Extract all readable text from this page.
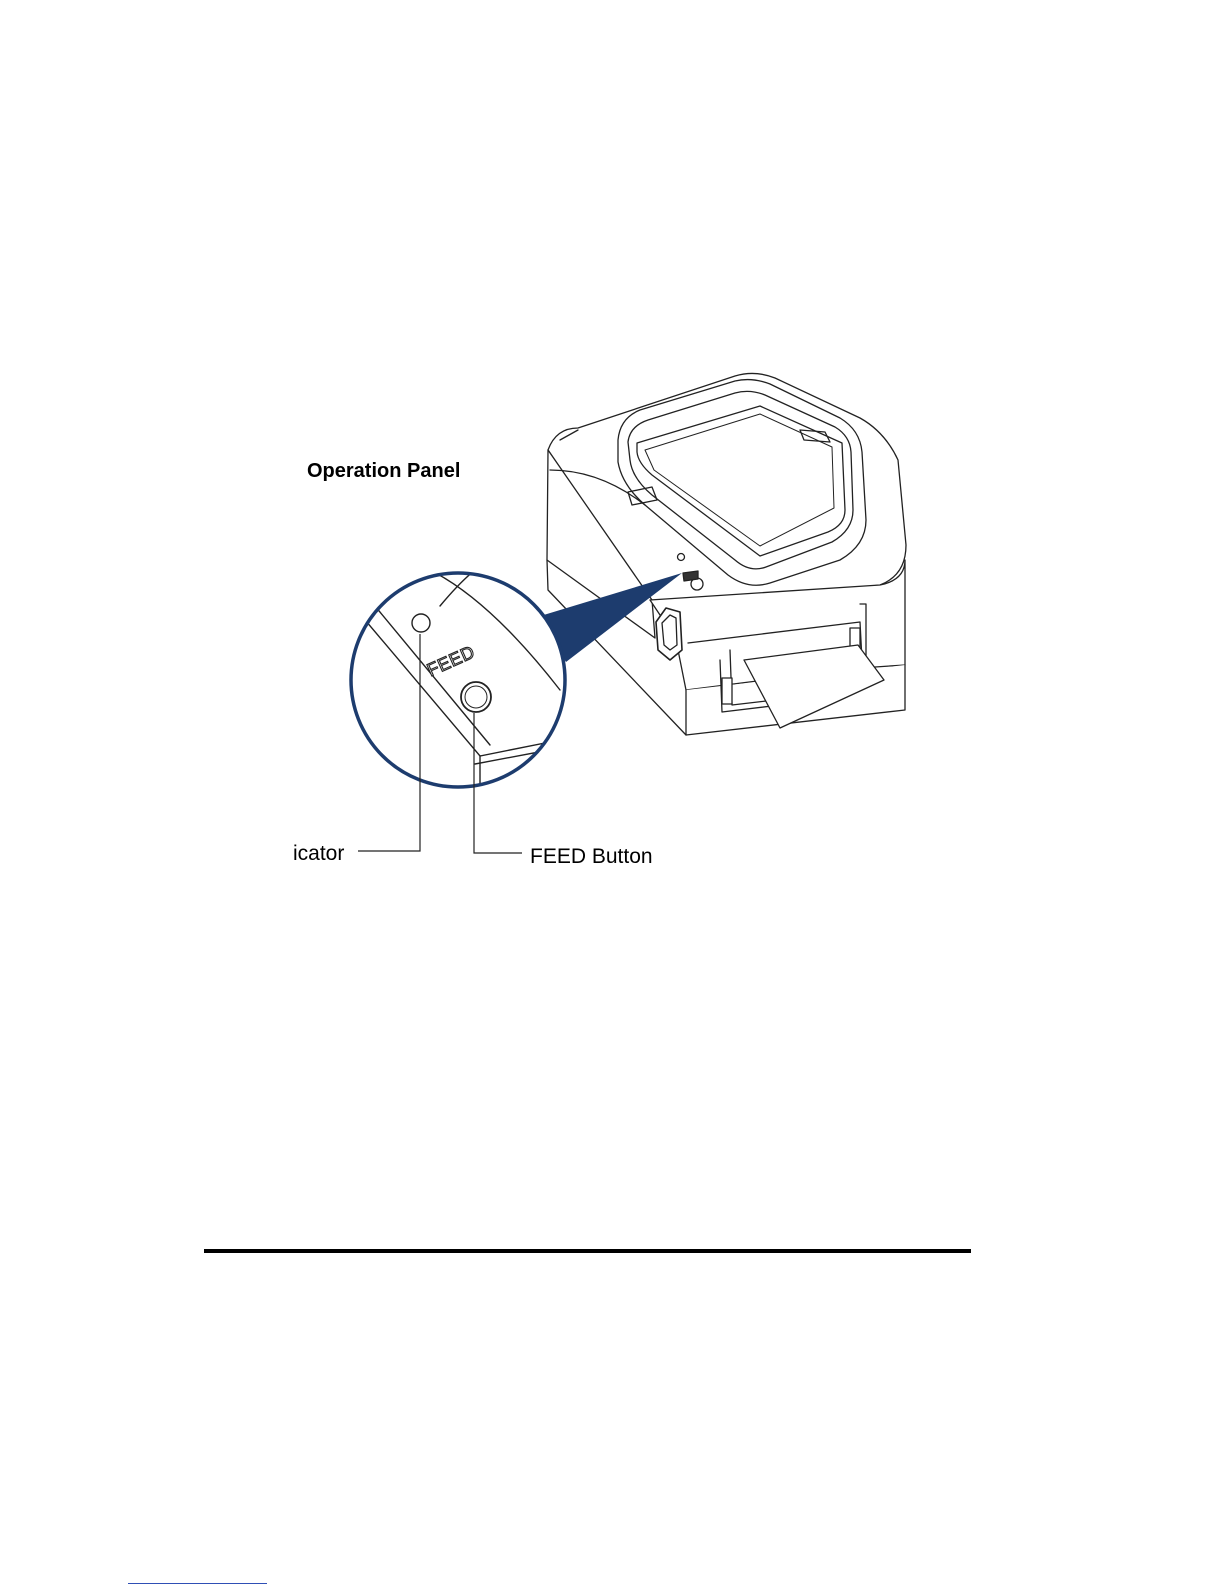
FEED
Operation Panel
icator	FEED Button
